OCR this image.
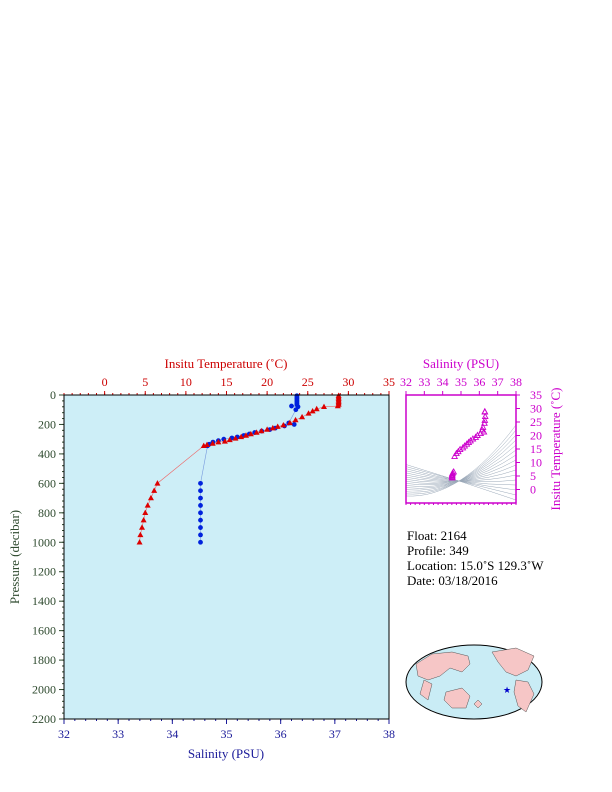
0	5	10 15 20 25 30 35
32	33	34	35	36	37	38
0
200
400
600
800
1000
1200
1400
1600
1800
2000
2200
Insitu Temperature (˚C)
Salinity (PSU)
Pressure (decibar)
32 33 34 35 36 37 38
0
5
10
15
20
25
30
35
Salinity (PSU)
Insitu Temperature (˚C)
Float: 2164
Profile: 349
Location: 15.0˚S 129.3˚W
Date: 03/18/2016
★
